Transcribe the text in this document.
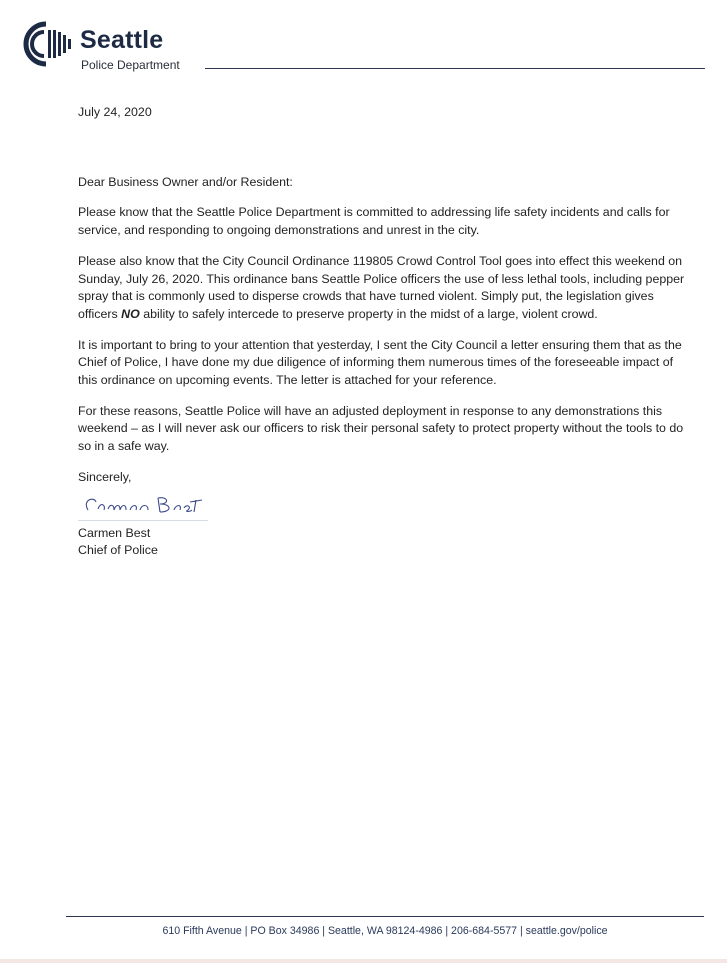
Seattle
Police Department

July 24, 2020

Dear Business Owner and/or Resident:

Please know that the Seattle Police Department is committed to addressing life safety incidents and calls for service, and responding to ongoing demonstrations and unrest in the city.

Please also know that the City Council Ordinance 119805 Crowd Control Tool goes into effect this weekend on Sunday, July 26, 2020. This ordinance bans Seattle Police officers the use of less lethal tools, including pepper spray that is commonly used to disperse crowds that have turned violent. Simply put, the legislation gives officers NO ability to safely intercede to preserve property in the midst of a large, violent crowd.

It is important to bring to your attention that yesterday, I sent the City Council a letter ensuring them that as the Chief of Police, I have done my due diligence of informing them numerous times of the foreseeable impact of this ordinance on upcoming events. The letter is attached for your reference.

For these reasons, Seattle Police will have an adjusted deployment in response to any demonstrations this weekend – as I will never ask our officers to risk their personal safety to protect property without the tools to do so in a safe way.

Sincerely,

Carmen Best

Chief of Police

610 Fifth Avenue | PO Box 34986 | Seattle, WA 98124-4986 | 206-684-5577 | seattle.gov/police
